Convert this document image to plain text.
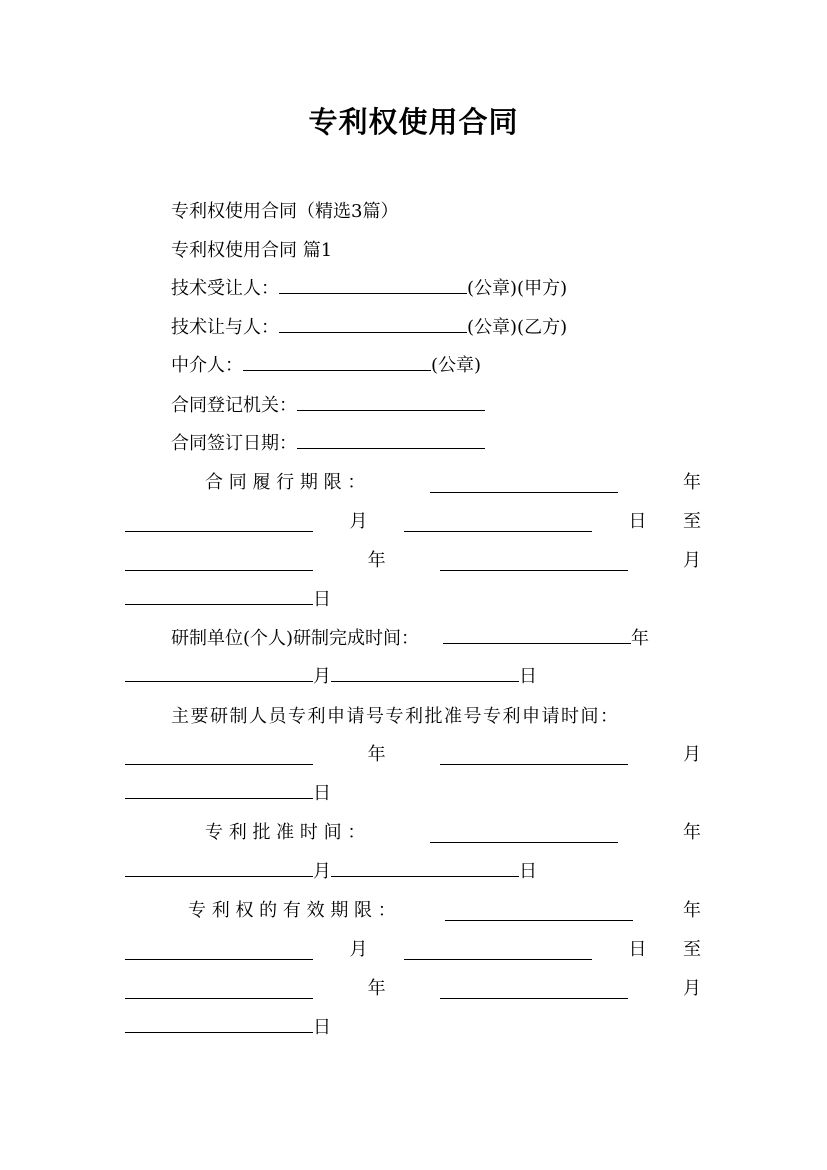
专利权使用合同
专利权使用合同（精选3篇）
专利权使用合同 篇1
技术受让人：	(公章)(甲方)
技术让与人：	(公章)(乙方)
中介人：	(公章)
合同登记机关：
合同签订日期：
合 同 履 行 期 限 ：	年
月	日 至
年	月
日
研制单位(个人)研制完成时间：	年
月	日
主要研制人员专利申请号专利批准号专利申请时间：
年	月
日
专 利 批 准 时 间 ：	年
月	日
专 利 权 的 有 效 期 限 ：	年
月	日 至
年	月
日
